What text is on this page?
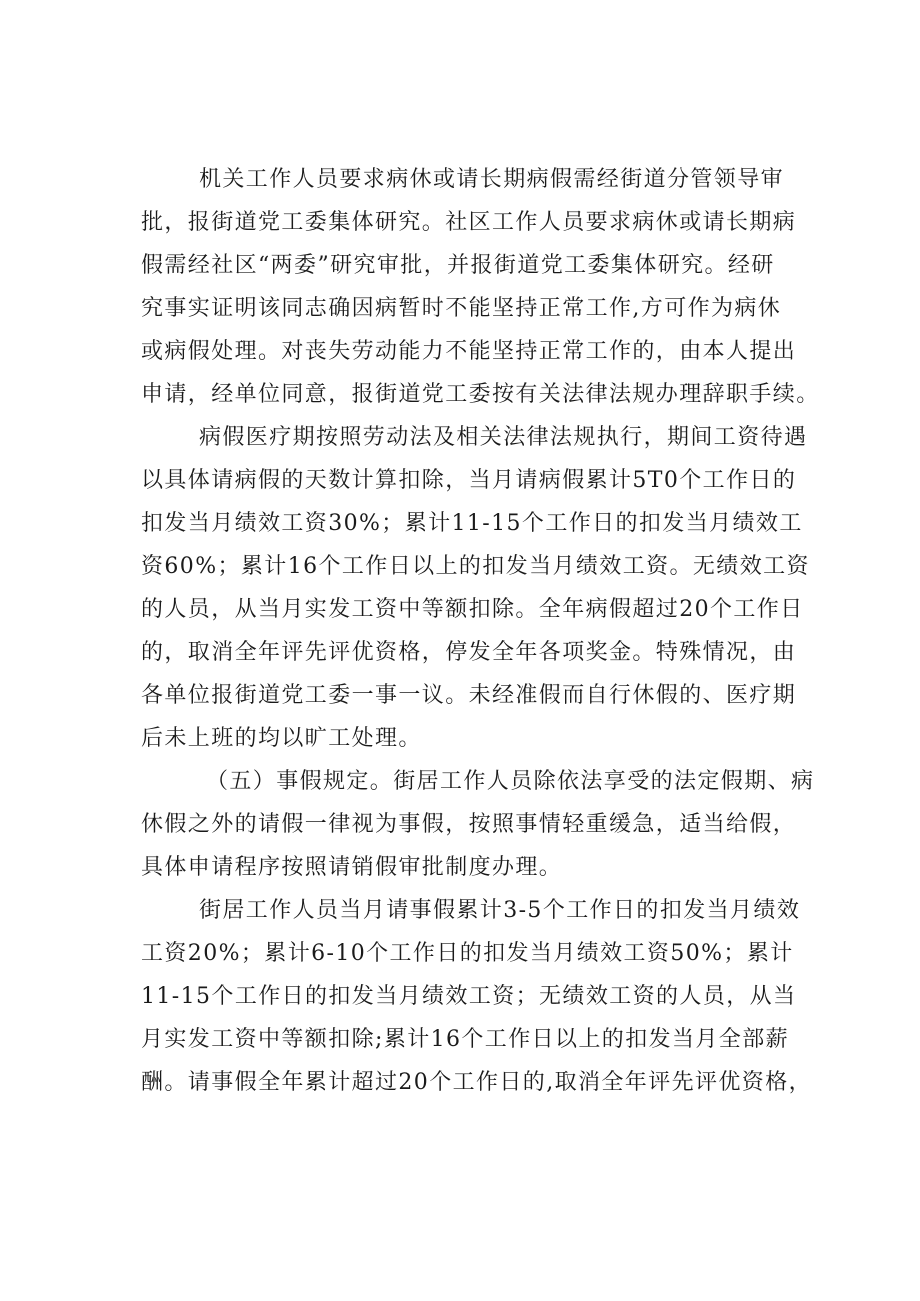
机关工作人员要求病休或请长期病假需经街道分管领导审
批，报街道党工委集体研究。社区工作人员要求病休或请长期病
假需经社区“两委”研究审批，并报街道党工委集体研究。经研
究事实证明该同志确因病暂时不能坚持正常工作,方可作为病休
或病假处理。对丧失劳动能力不能坚持正常工作的，由本人提出
申请，经单位同意，报街道党工委按有关法律法规办理辞职手续。
病假医疗期按照劳动法及相关法律法规执行，期间工资待遇
以具体请病假的天数计算扣除，当月请病假累计5T0个工作日的
扣发当月绩效工资30%；累计11-15个工作日的扣发当月绩效工
资60%；累计16个工作日以上的扣发当月绩效工资。无绩效工资
的人员，从当月实发工资中等额扣除。全年病假超过20个工作日
的，取消全年评先评优资格，停发全年各项奖金。特殊情况，由
各单位报街道党工委一事一议。未经准假而自行休假的、医疗期
后未上班的均以旷工处理。
（五）事假规定。街居工作人员除依法享受的法定假期、病
休假之外的请假一律视为事假，按照事情轻重缓急，适当给假，
具体申请程序按照请销假审批制度办理。
街居工作人员当月请事假累计3-5个工作日的扣发当月绩效
工资20%；累计6-10个工作日的扣发当月绩效工资50%；累计
11-15个工作日的扣发当月绩效工资；无绩效工资的人员，从当
月实发工资中等额扣除;累计16个工作日以上的扣发当月全部薪
酬。请事假全年累计超过20个工作日的,取消全年评先评优资格，
